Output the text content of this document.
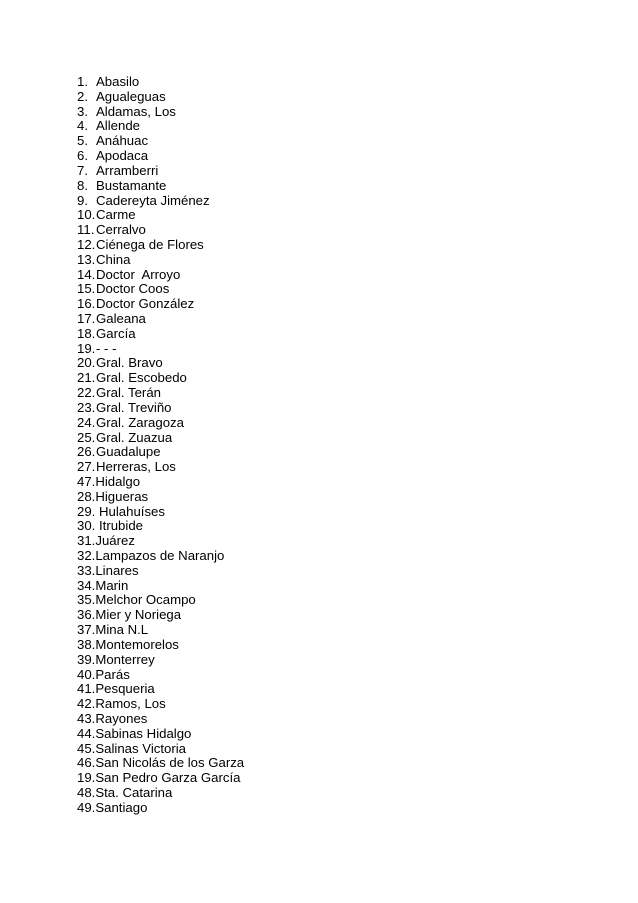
1. Abasilo
2. Agualeguas
3. Aldamas, Los
4. Allende
5. Anáhuac
6. Apodaca
7. Arramberri
8. Bustamante
9. Cadereyta Jiménez
10. Carme
11. Cerralvo
12. Ciénega de Flores
13. China
14. Doctor  Arroyo
15. Doctor Coos
16. Doctor González
17. Galeana
18. García
19. - - -
20. Gral. Bravo
21. Gral. Escobedo
22. Gral. Terán
23. Gral. Treviño
24. Gral. Zaragoza
25. Gral. Zuazua
26. Guadalupe
27. Herreras, Los
47. Hidalgo
28. Higueras
29. Hulahuíses
30. Itrubide
31. Juárez
32. Lampazos de Naranjo
33. Linares
34. Marin
35. Melchor Ocampo
36. Mier y Noriega
37. Mina N.L
38. Montemorelos
39. Monterrey
40. Parás
41. Pesqueria
42. Ramos, Los
43. Rayones
44. Sabinas Hidalgo
45. Salinas Victoria
46. San Nicolás de los Garza
19. San Pedro Garza García
48. Sta. Catarina
49. Santiago
